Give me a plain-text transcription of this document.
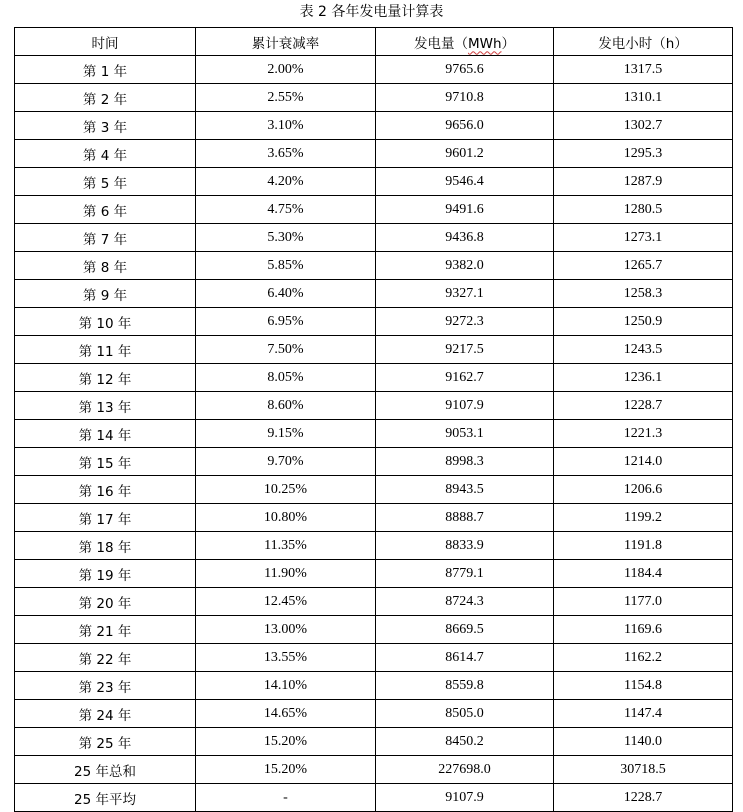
表 2 各年发电量计算表
时间	累计衰减率	发电量（MWh）	发电小时（h）
第 1 年	2.00%	9765.6	1317.5
第 2 年	2.55%	9710.8	1310.1
第 3 年	3.10%	9656.0	1302.7
第 4 年	3.65%	9601.2	1295.3
第 5 年	4.20%	9546.4	1287.9
第 6 年	4.75%	9491.6	1280.5
第 7 年	5.30%	9436.8	1273.1
第 8 年	5.85%	9382.0	1265.7
第 9 年	6.40%	9327.1	1258.3
第 10 年	6.95%	9272.3	1250.9
第 11 年	7.50%	9217.5	1243.5
第 12 年	8.05%	9162.7	1236.1
第 13 年	8.60%	9107.9	1228.7
第 14 年	9.15%	9053.1	1221.3
第 15 年	9.70%	8998.3	1214.0
第 16 年	10.25%	8943.5	1206.6
第 17 年	10.80%	8888.7	1199.2
第 18 年	11.35%	8833.9	1191.8
第 19 年	11.90%	8779.1	1184.4
第 20 年	12.45%	8724.3	1177.0
第 21 年	13.00%	8669.5	1169.6
第 22 年	13.55%	8614.7	1162.2
第 23 年	14.10%	8559.8	1154.8
第 24 年	14.65%	8505.0	1147.4
第 25 年	15.20%	8450.2	1140.0
25 年总和	15.20%	227698.0	30718.5
25 年平均	-	9107.9	1228.7
